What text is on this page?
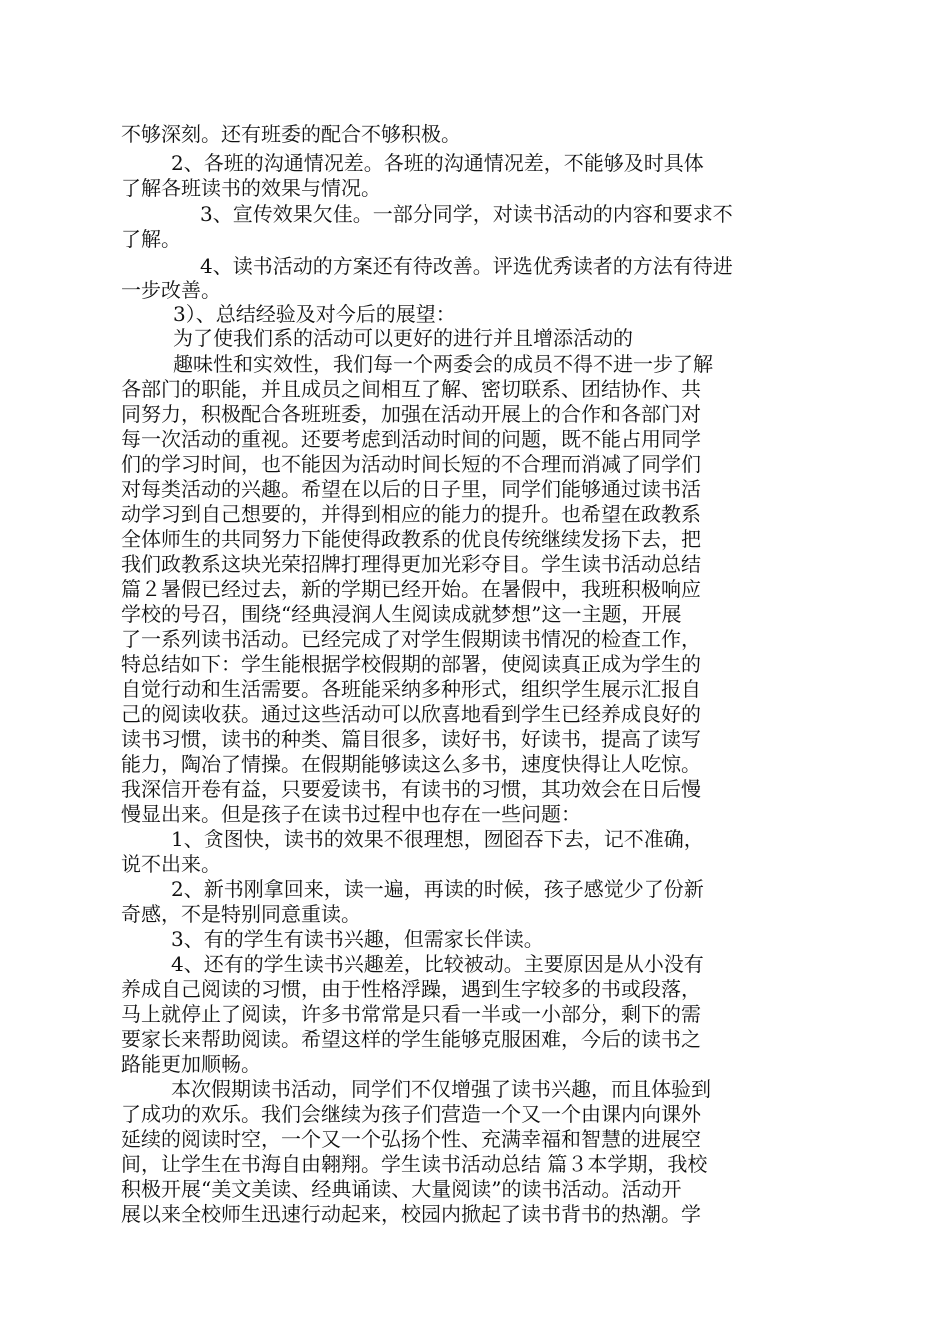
不够深刻。还有班委的配合不够积极。
2、各班的沟通情况差。各班的沟通情况差，不能够及时具体
了解各班读书的效果与情况。
3、宣传效果欠佳。一部分同学，对读书活动的内容和要求不
了解。
4、读书活动的方案还有待改善。评选优秀读者的方法有待进
一步改善。
3）、总结经验及对今后的展望：
为了使我们系的活动可以更好的进行并且增添活动的
趣味性和实效性，我们每一个两委会的成员不得不进一步了解
各部门的职能，并且成员之间相互了解、密切联系、团结协作、共
同努力，积极配合各班班委，加强在活动开展上的合作和各部门对
每一次活动的重视。还要考虑到活动时间的问题，既不能占用同学
们的学习时间，也不能因为活动时间长短的不合理而消减了同学们
对每类活动的兴趣。希望在以后的日子里，同学们能够通过读书活
动学习到自己想要的，并得到相应的能力的提升。也希望在政教系
全体师生的共同努力下能使得政教系的优良传统继续发扬下去，把
我们政教系这块光荣招牌打理得更加光彩夺目。学生读书活动总结
篇２暑假已经过去，新的学期已经开始。在暑假中，我班积极响应
学校的号召，围绕“经典浸润人生阅读成就梦想”这一主题，开展
了一系列读书活动。已经完成了对学生假期读书情况的检查工作，
特总结如下：学生能根据学校假期的部署，使阅读真正成为学生的
自觉行动和生活需要。各班能采纳多种形式，组织学生展示汇报自
己的阅读收获。通过这些活动可以欣喜地看到学生已经养成良好的
读书习惯，读书的种类、篇目很多，读好书，好读书，提高了读写
能力，陶冶了情操。在假期能够读这么多书，速度快得让人吃惊。
我深信开卷有益，只要爱读书，有读书的习惯，其功效会在日后慢
慢显出来。但是孩子在读书过程中也存在一些问题：
1、贪图快，读书的效果不很理想，囫囵吞下去，记不准确，
说不出来。
2、新书刚拿回来，读一遍，再读的时候，孩子感觉少了份新
奇感，不是特别同意重读。
3、有的学生有读书兴趣，但需家长伴读。
4、还有的学生读书兴趣差，比较被动。主要原因是从小没有
养成自己阅读的习惯，由于性格浮躁，遇到生字较多的书或段落，
马上就停止了阅读，许多书常常是只看一半或一小部分，剩下的需
要家长来帮助阅读。希望这样的学生能够克服困难，今后的读书之
路能更加顺畅。
本次假期读书活动，同学们不仅增强了读书兴趣，而且体验到
了成功的欢乐。我们会继续为孩子们营造一个又一个由课内向课外
延续的阅读时空，一个又一个弘扬个性、充满幸福和智慧的进展空
间，让学生在书海自由翱翔。学生读书活动总结 篇３本学期，我校
积极开展“美文美读、经典诵读、大量阅读”的读书活动。活动开
展以来全校师生迅速行动起来，校园内掀起了读书背书的热潮。学
